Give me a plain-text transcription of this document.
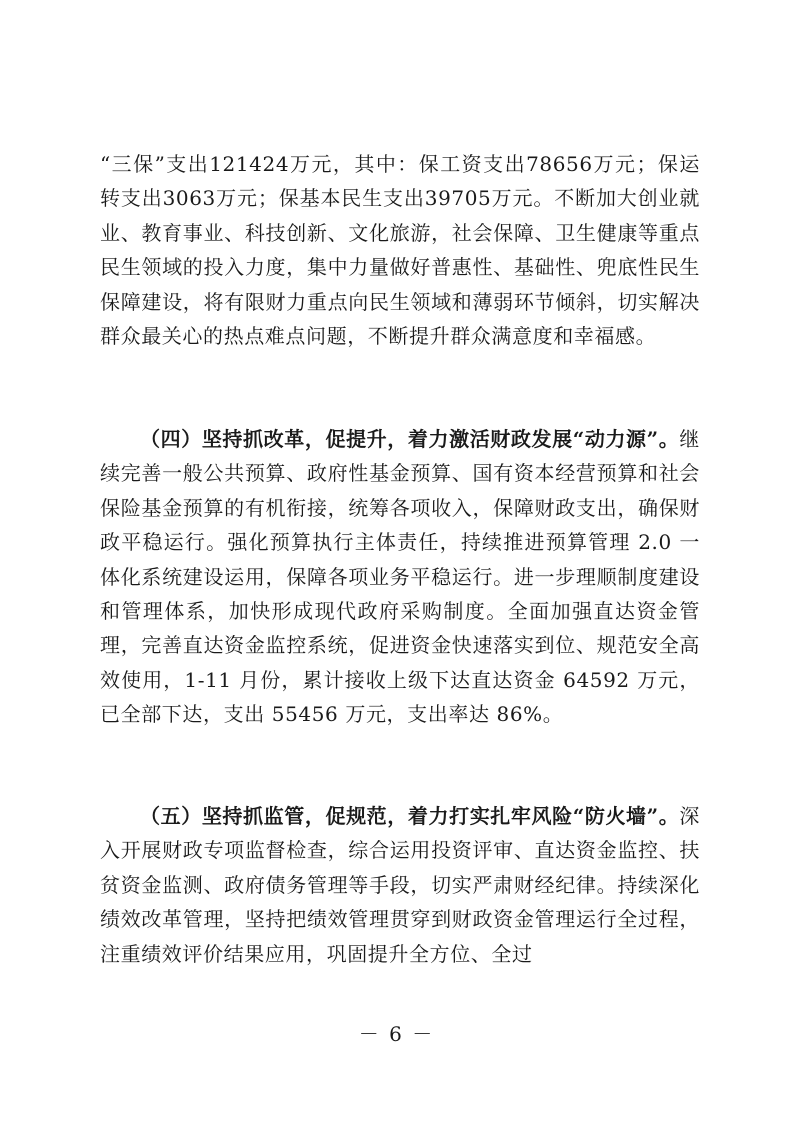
“三保”支出121424万元，其中：保工资支出78656万元；保运转支出3063万元；保基本民生支出39705万元。不断加大创业就业、教育事业、科技创新、文化旅游，社会保障、卫生健康等重点民生领域的投入力度，集中力量做好普惠性、基础性、兜底性民生保障建设，将有限财力重点向民生领域和薄弱环节倾斜，切实解决群众最关心的热点难点问题，不断提升群众满意度和幸福感。

（四）坚持抓改革，促提升，着力激活财政发展“动力源”。继续完善一般公共预算、政府性基金预算、国有资本经营预算和社会保险基金预算的有机衔接，统筹各项收入，保障财政支出，确保财政平稳运行。强化预算执行主体责任，持续推进预算管理 2.0 一体化系统建设运用，保障各项业务平稳运行。进一步理顺制度建设和管理体系，加快形成现代政府采购制度。全面加强直达资金管理，完善直达资金监控系统，促进资金快速落实到位、规范安全高效使用，1-11 月份，累计接收上级下达直达资金 64592 万元，已全部下达，支出 55456 万元，支出率达 86%。

（五）坚持抓监管，促规范，着力打实扎牢风险“防火墙”。深入开展财政专项监督检查，综合运用投资评审、直达资金监控、扶贫资金监测、政府债务管理等手段，切实严肃财经纪律。持续深化绩效改革管理，坚持把绩效管理贯穿到财政资金管理运行全过程，注重绩效评价结果应用，巩固提升全方位、全过

－ 6 －
